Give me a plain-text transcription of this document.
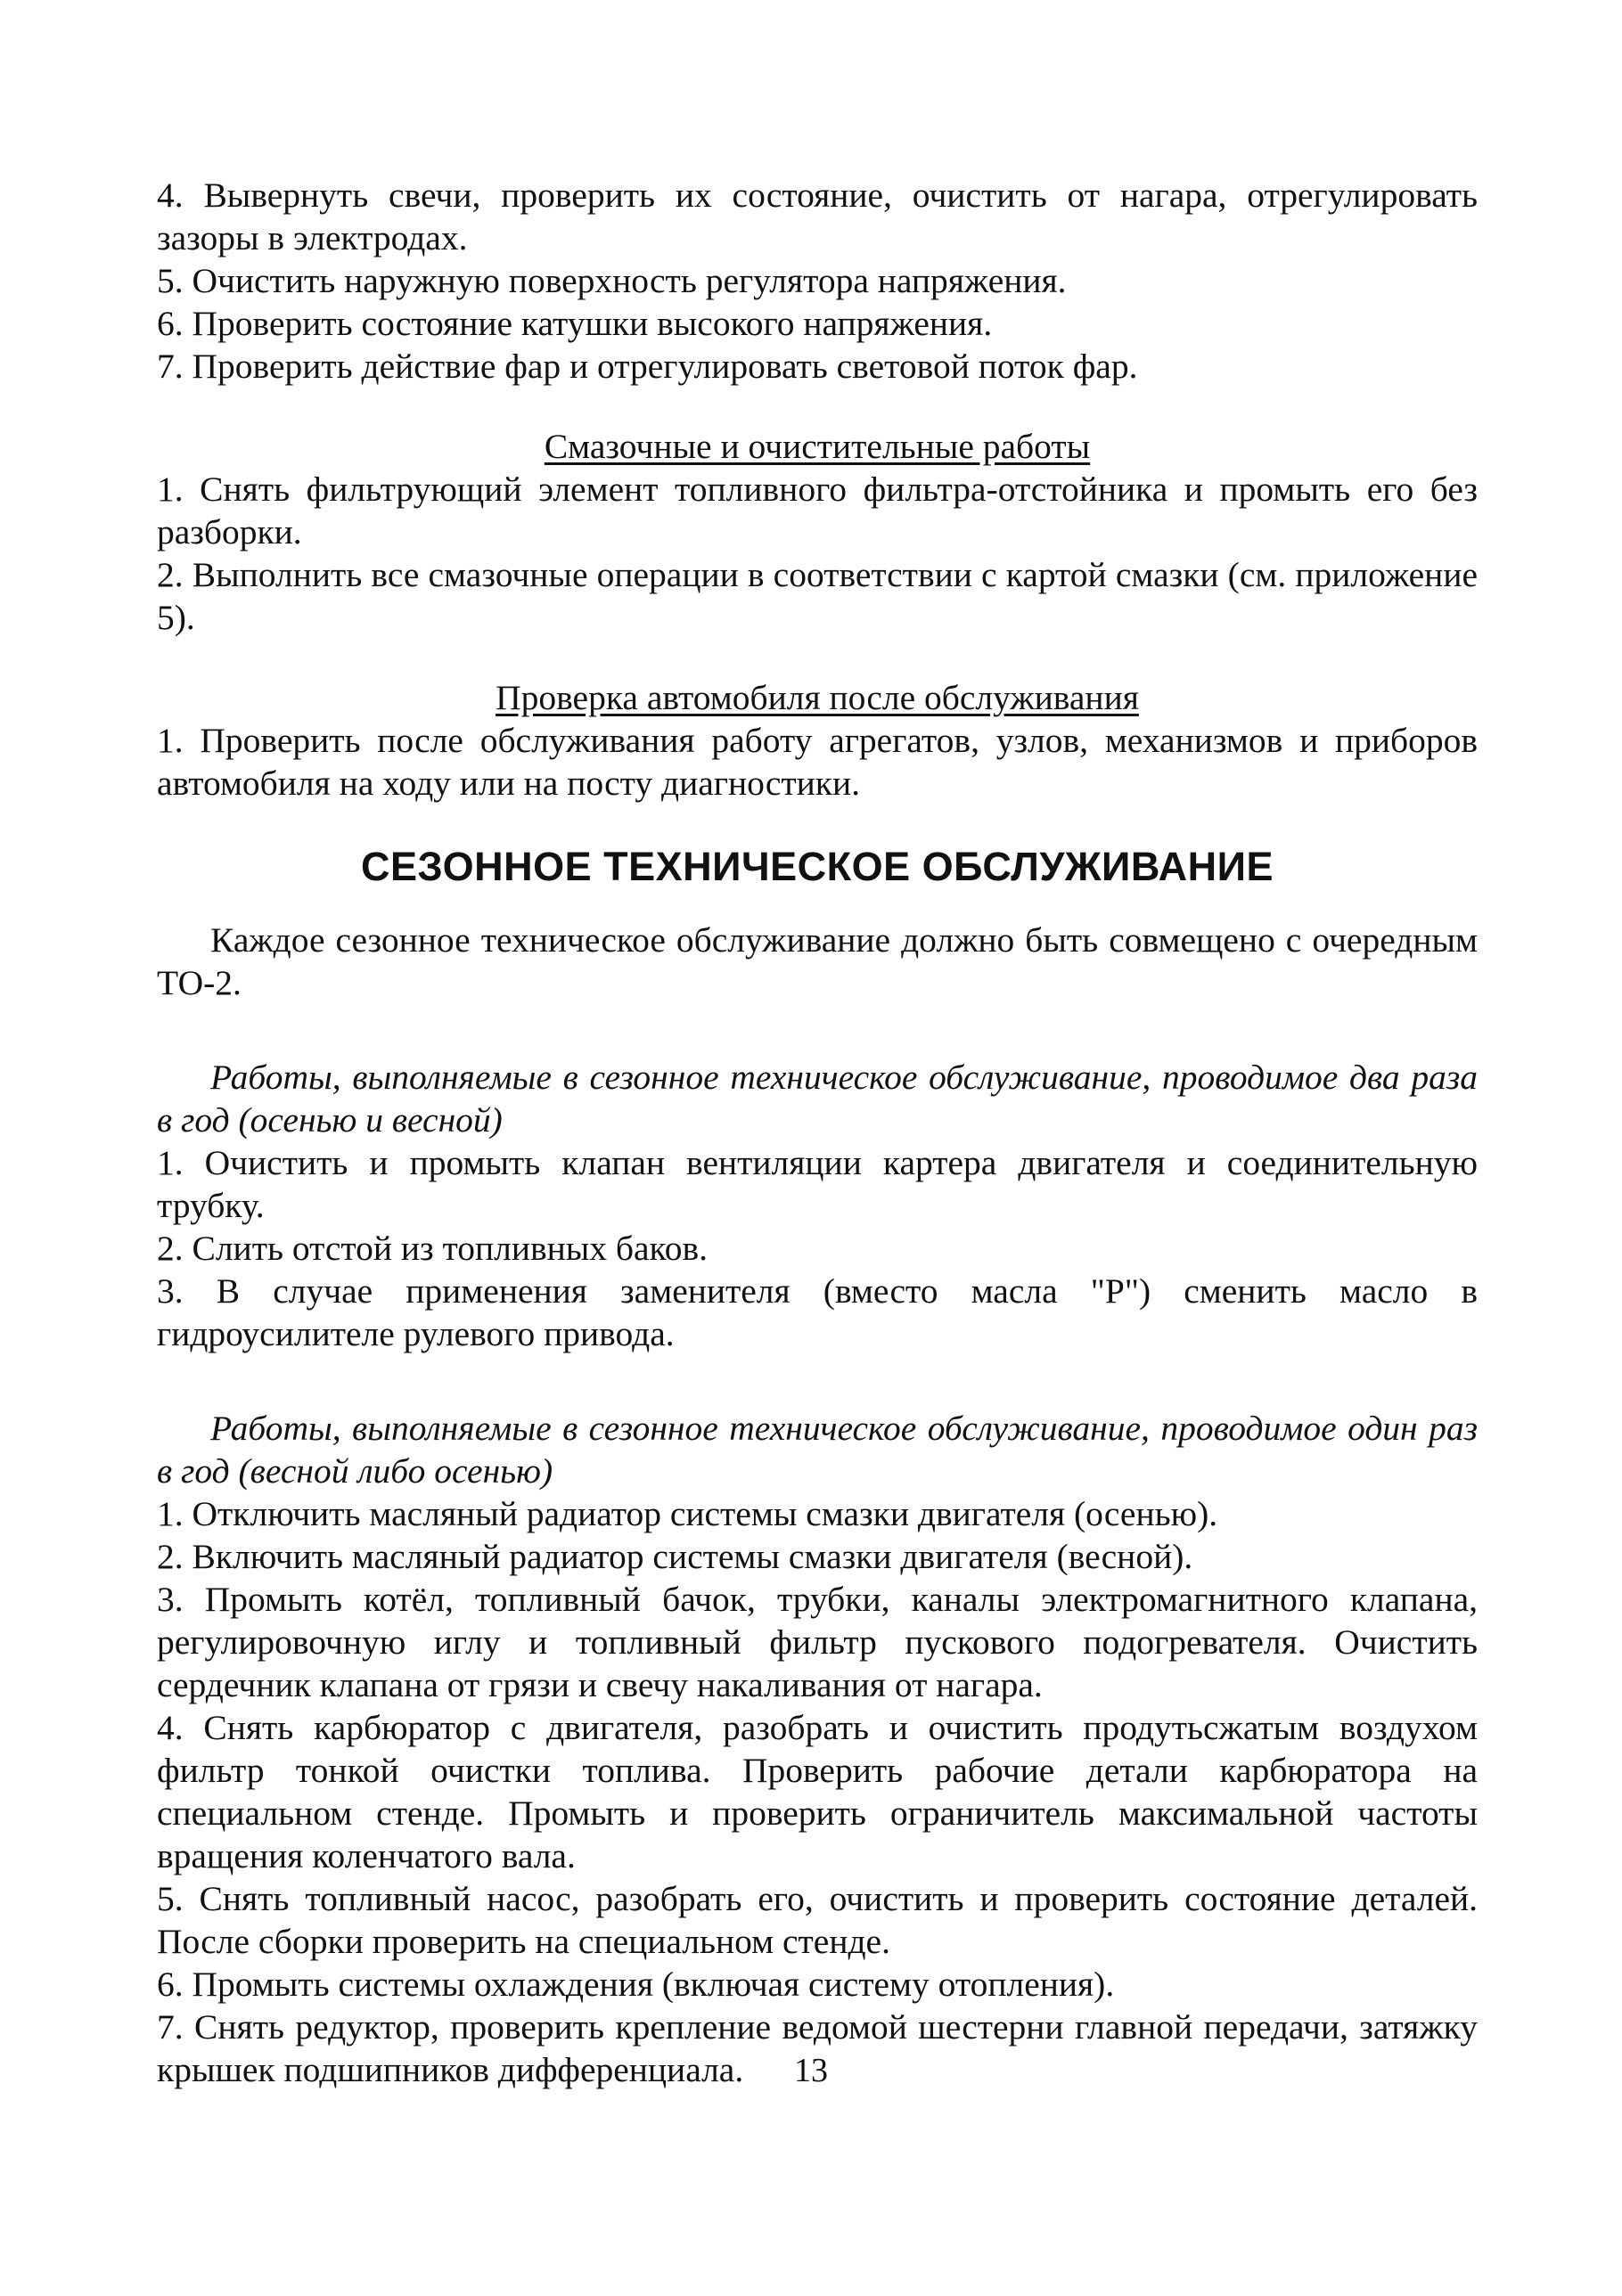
4. Вывернуть свечи, проверить их состояние, очистить от нагара, отрегулировать зазоры в электродах.

5. Очистить наружную поверхность регулятора напряжения.

6. Проверить состояние катушки высокого напряжения.

7. Проверить действие фар и отрегулировать световой поток фар.

Смазочные и очистительные работы

1. Снять фильтрующий элемент топливного фильтра-отстойника и промыть его без разборки.

2. Выполнить все смазочные операции в соответствии с картой смазки (см. приложение 5).

Проверка автомобиля после обслуживания

1. Проверить после обслуживания работу агрегатов, узлов, механизмов и приборов автомобиля на ходу или на посту диагностики.

СЕЗОННОЕ ТЕХНИЧЕСКОЕ ОБСЛУЖИВАНИЕ

Каждое сезонное техническое обслуживание должно быть совмещено с очередным ТО-2.

Работы, выполняемые в сезонное техническое обслуживание, проводимое два раза в год (осенью и весной)

1. Очистить и промыть клапан вентиляции картера двигателя и соединительную трубку.

2. Слить отстой из топливных баков.

3. В случае применения заменителя (вместо масла "Р") сменить масло в гидроусилителе рулевого привода.

Работы, выполняемые в сезонное техническое обслуживание, проводимое один раз в год (весной либо осенью)

1. Отключить масляный радиатор системы смазки двигателя (осенью).

2. Включить масляный радиатор системы смазки двигателя (весной).

3. Промыть котёл, топливный бачок, трубки, каналы электромагнитного клапана, регулировочную иглу и топливный фильтр пускового подогревателя. Очистить сердечник клапана от грязи и свечу накаливания от нагара.

4. Снять карбюратор с двигателя, разобрать и очистить продутьсжатым воздухом фильтр тонкой очистки топлива. Проверить рабочие детали карбюратора на специальном стенде. Промыть и проверить ограничитель максимальной частоты вращения коленчатого вала.

5. Снять топливный насос, разобрать его, очистить и проверить состояние деталей. После сборки проверить на специальном стенде.

6. Промыть системы охлаждения (включая систему отопления).

7. Снять редуктор, проверить крепление ведомой шестерни главной передачи, затяжку крышек подшипников дифференциала.	13
